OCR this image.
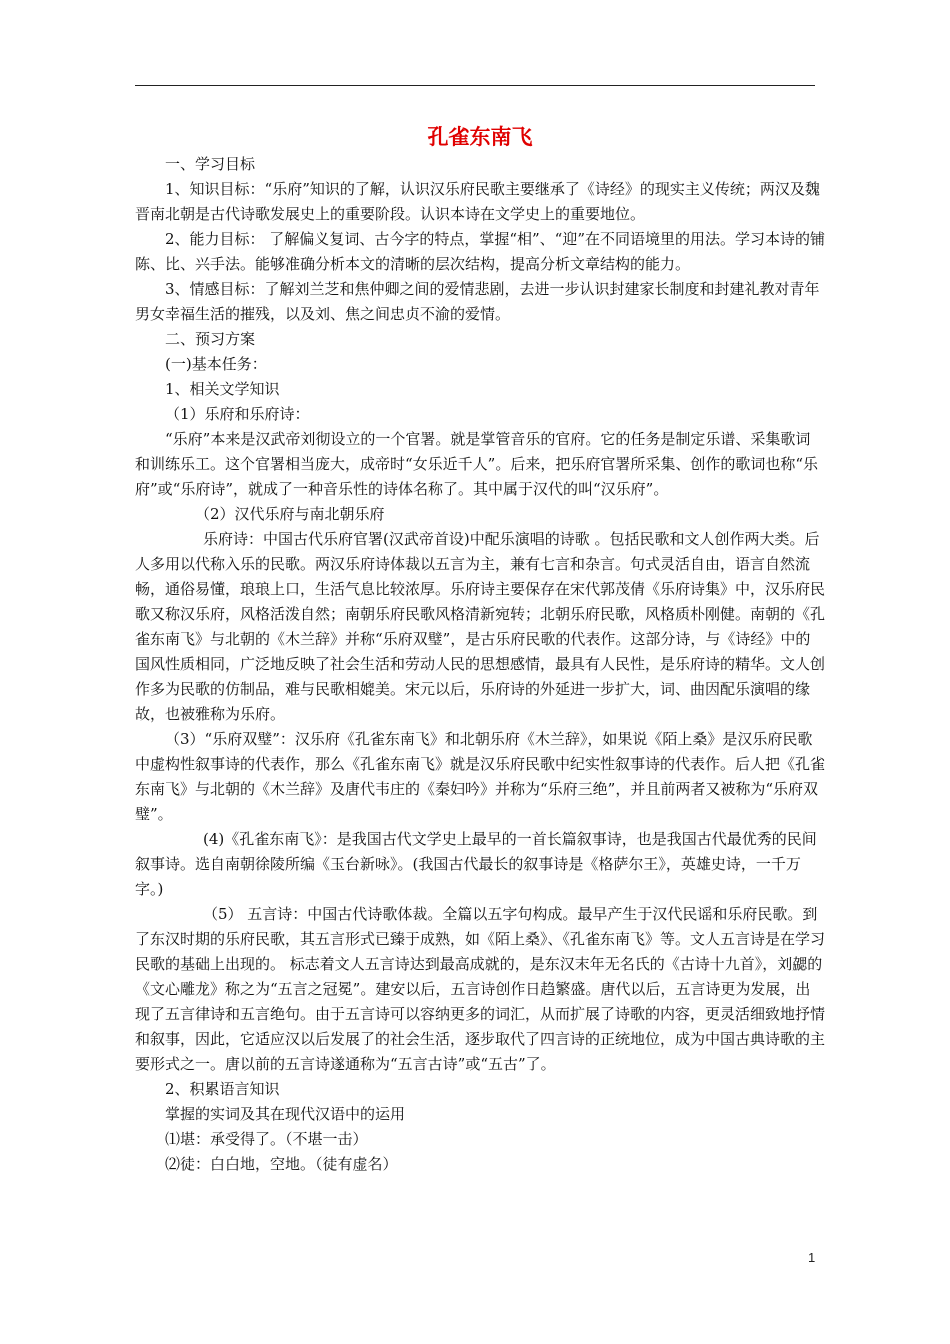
孔雀东南飞

一、学习目标

1、知识目标：“乐府”知识的了解，认识汉乐府民歌主要继承了《诗经》的现实主义传统；两汉及魏晋南北朝是古代诗歌发展史上的重要阶段。认识本诗在文学史上的重要地位。

2、能力目标： 了解偏义复词、古今字的特点，掌握“相”、“迎”在不同语境里的用法。学习本诗的铺陈、比、兴手法。能够准确分析本文的清晰的层次结构，提高分析文章结构的能力。

3、情感目标：了解刘兰芝和焦仲卿之间的爱情悲剧，去进一步认识封建家长制度和封建礼教对青年男女幸福生活的摧残，以及刘、焦之间忠贞不渝的爱情。

二、预习方案

(一)基本任务：

1、相关文学知识

（1）乐府和乐府诗：

“乐府”本来是汉武帝刘彻设立的一个官署。就是掌管音乐的官府。它的任务是制定乐谱、采集歌词和训练乐工。这个官署相当庞大，成帝时“女乐近千人”。后来，把乐府官署所采集、创作的歌词也称“乐府”或“乐府诗”，就成了一种音乐性的诗体名称了。其中属于汉代的叫“汉乐府”。

（2）汉代乐府与南北朝乐府

乐府诗：中国古代乐府官署(汉武帝首设)中配乐演唱的诗歌 。包括民歌和文人创作两大类。后人多用以代称入乐的民歌。两汉乐府诗体裁以五言为主，兼有七言和杂言。句式灵活自由，语言自然流畅，通俗易懂，琅琅上口，生活气息比较浓厚。乐府诗主要保存在宋代郭茂倩《乐府诗集》中，汉乐府民歌又称汉乐府，风格活泼自然；南朝乐府民歌风格清新宛转；北朝乐府民歌，风格质朴刚健。南朝的《孔雀东南飞》与北朝的《木兰辞》并称“乐府双璧”，是古乐府民歌的代表作。这部分诗，与《诗经》中的国风性质相同，广泛地反映了社会生活和劳动人民的思想感情，最具有人民性，是乐府诗的精华。文人创作多为民歌的仿制品，难与民歌相媲美。宋元以后，乐府诗的外延进一步扩大，词、曲因配乐演唱的缘故，也被雅称为乐府。

（3）“乐府双璧”：汉乐府《孔雀东南飞》和北朝乐府《木兰辞》，如果说《陌上桑》是汉乐府民歌中虚构性叙事诗的代表作，那么《孔雀东南飞》就是汉乐府民歌中纪实性叙事诗的代表作。后人把《孔雀东南飞》与北朝的《木兰辞》及唐代韦庄的《秦妇吟》并称为“乐府三绝”，并且前两者又被称为“乐府双璧”。

(4)《孔雀东南飞》：是我国古代文学史上最早的一首长篇叙事诗，也是我国古代最优秀的民间叙事诗。选自南朝徐陵所编《玉台新咏》。(我国古代最长的叙事诗是《格萨尔王》，英雄史诗，一千万字。)

（5） 五言诗：中国古代诗歌体裁。全篇以五字句构成。最早产生于汉代民谣和乐府民歌。到了东汉时期的乐府民歌，其五言形式已臻于成熟，如《陌上桑》、《孔雀东南飞》等。文人五言诗是在学习民歌的基础上出现的。 标志着文人五言诗达到最高成就的，是东汉末年无名氏的《古诗十九首》，刘勰的《文心雕龙》称之为“五言之冠冕”。建安以后，五言诗创作日趋繁盛。唐代以后，五言诗更为发展，出现了五言律诗和五言绝句。由于五言诗可以容纳更多的词汇，从而扩展了诗歌的内容，更灵活细致地抒情和叙事，因此，它适应汉以后发展了的社会生活，逐步取代了四言诗的正统地位，成为中国古典诗歌的主要形式之一。唐以前的五言诗遂通称为“五言古诗”或“五古”了。

2、积累语言知识

掌握的实词及其在现代汉语中的运用

⑴堪：承受得了。（不堪一击）

⑵徒：白白地，空地。（徒有虚名）

1
